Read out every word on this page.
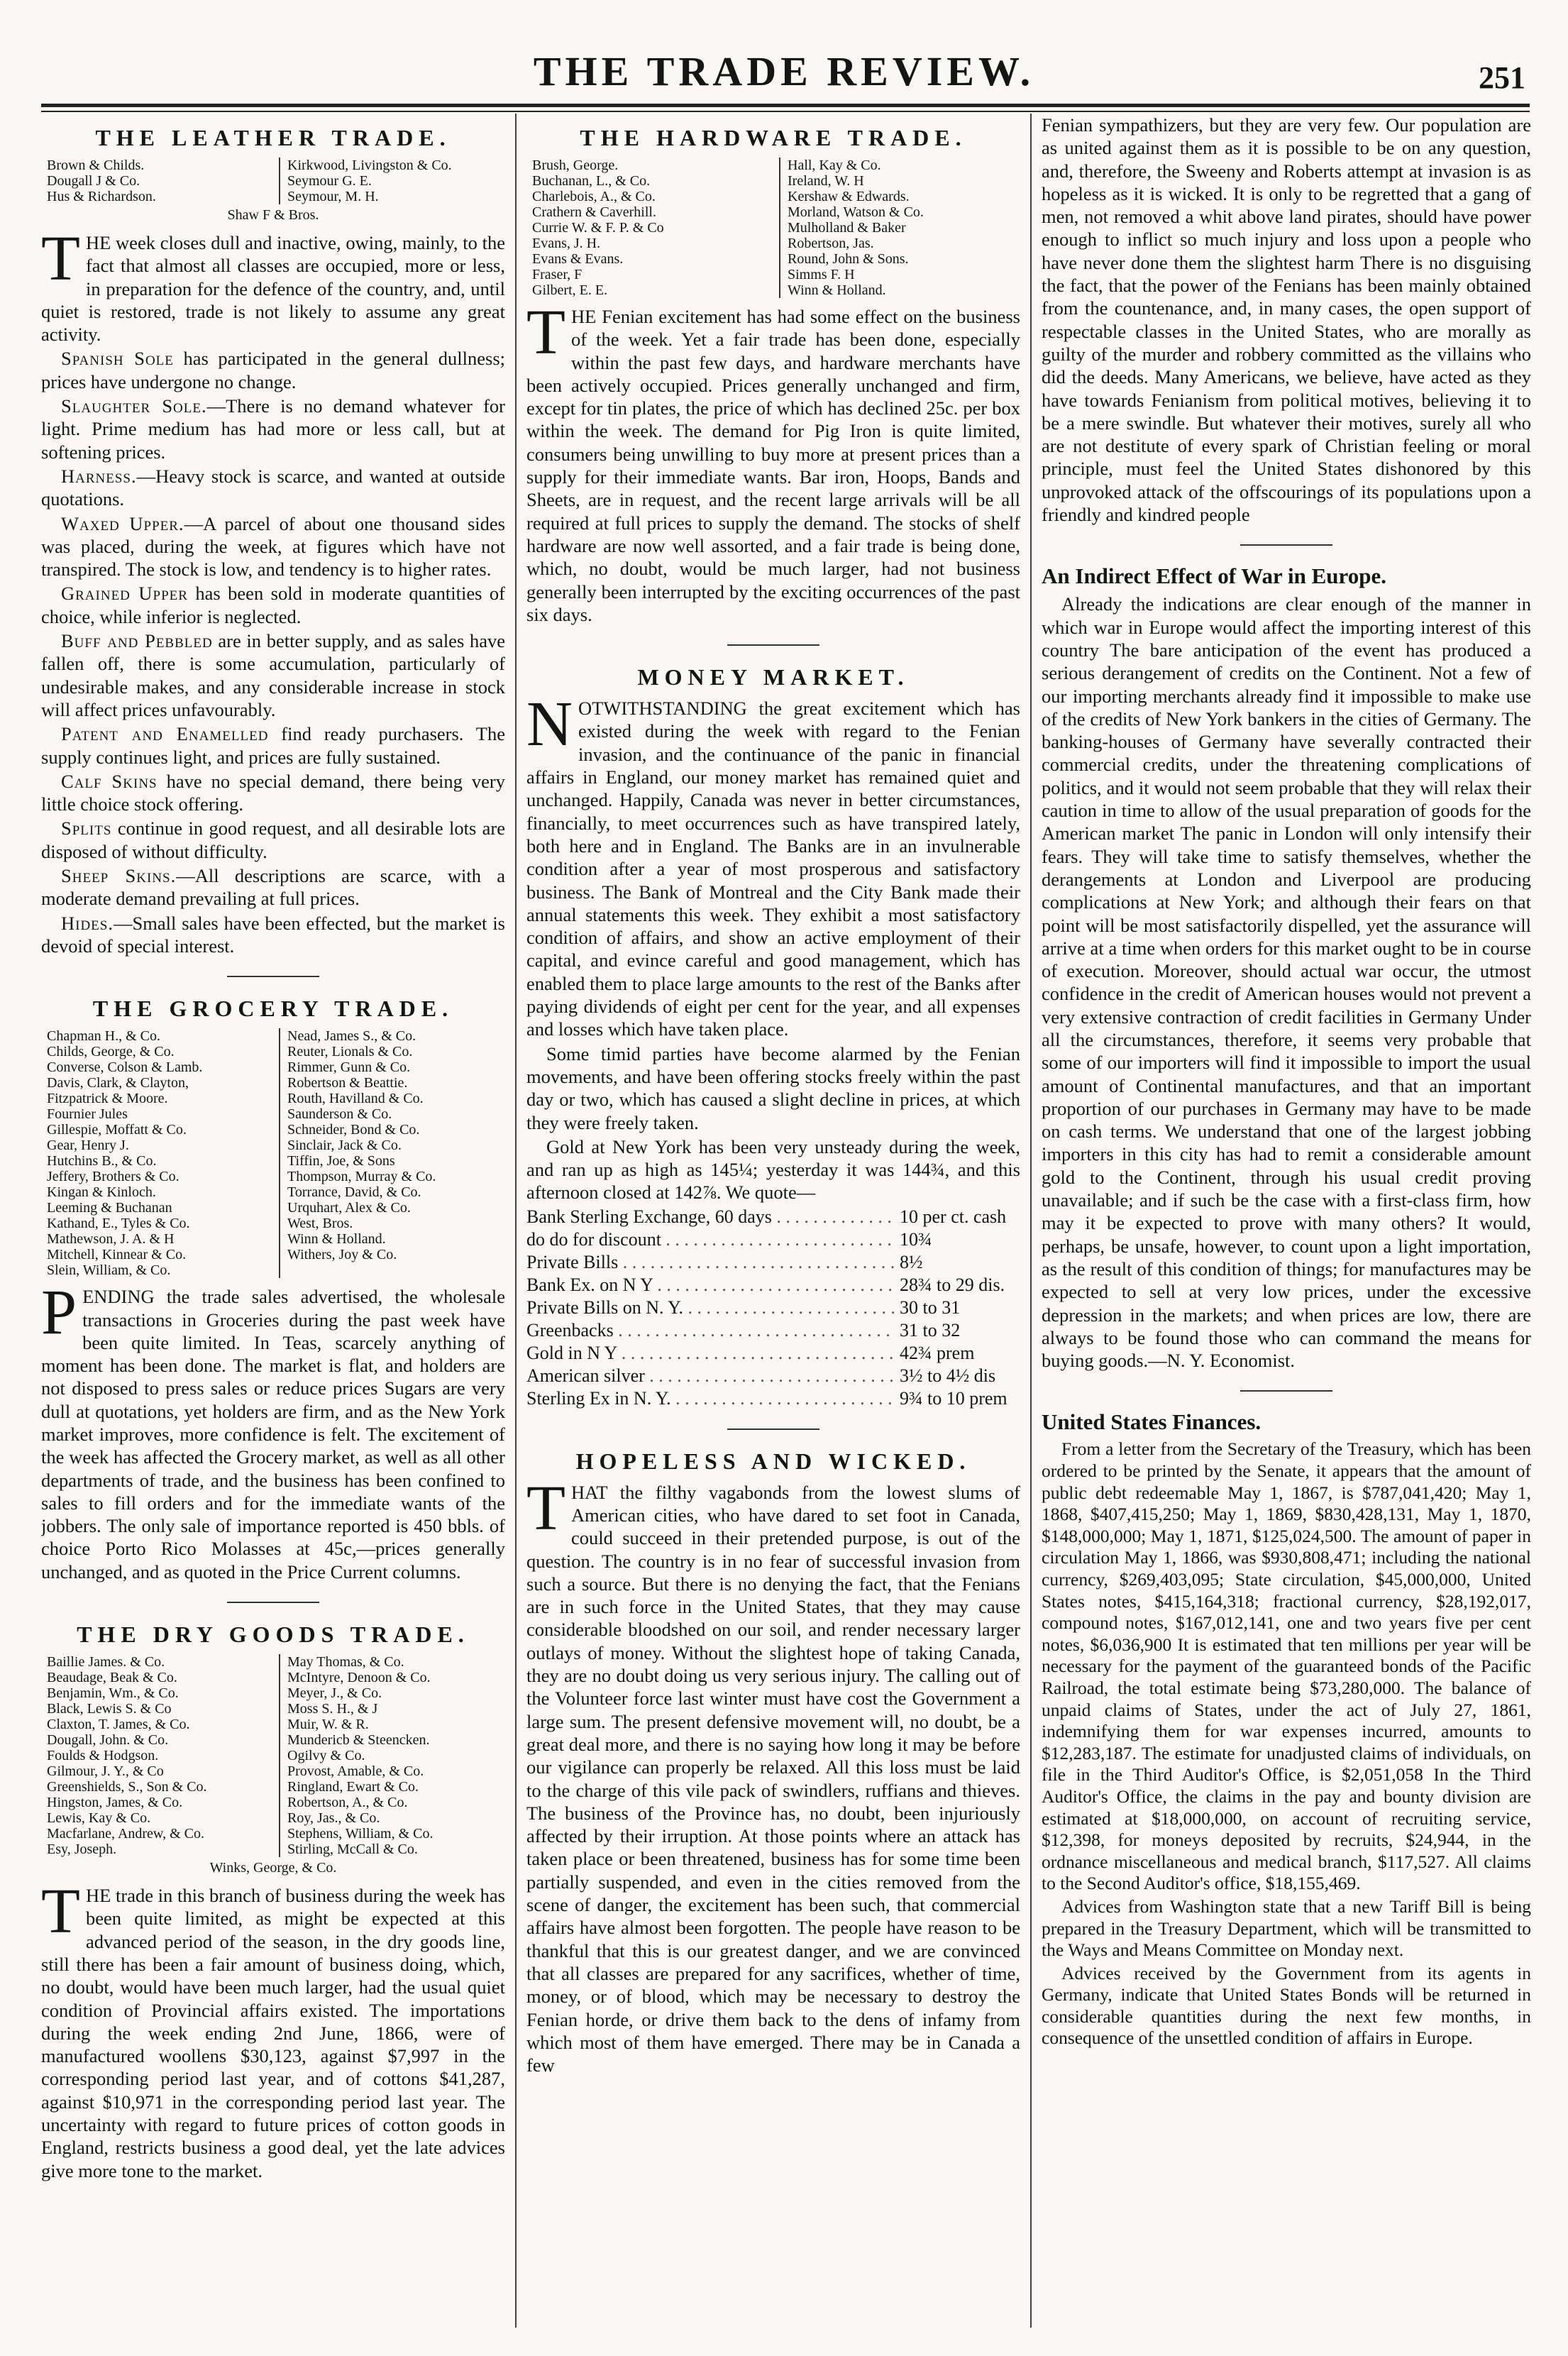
THE TRADE REVIEW.	251
THE LEATHER TRADE.
Brown & Childs.
Dougall J & Co.
Hus & Richardson.
Kirkwood, Livingston & Co.
Seymour G. E.
Seymour, M. H.
Shaw F & Bros.

THE week closes dull and inactive, owing, mainly, to the fact that almost all classes are occupied, more or less, in preparation for the defence of the country, and, until quiet is restored, trade is not likely to assume any great activity.

Spanish Sole has participated in the general dullness; prices have undergone no change.

Slaughter Sole.—There is no demand whatever for light. Prime medium has had more or less call, but at softening prices.

Harness.—Heavy stock is scarce, and wanted at outside quotations.

Waxed Upper.—A parcel of about one thousand sides was placed, during the week, at figures which have not transpired. The stock is low, and tendency is to higher rates.

Grained Upper has been sold in moderate quantities of choice, while inferior is neglected.

Buff and Pebbled are in better supply, and as sales have fallen off, there is some accumulation, particularly of undesirable makes, and any considerable increase in stock will affect prices unfavourably.

Patent and Enamelled find ready purchasers. The supply continues light, and prices are fully sustained.

Calf Skins have no special demand, there being very little choice stock offering.

Splits continue in good request, and all desirable lots are disposed of without difficulty.

Sheep Skins.—All descriptions are scarce, with a moderate demand prevailing at full prices.

Hides.—Small sales have been effected, but the market is devoid of special interest.

THE GR‌OCERY TRADE.
Chapman H., & Co.
Childs, George, & Co.
Converse, Colson & Lamb.
Davis, Clark, & Clayton,
Fitzpatrick & Moore.
Fournier Jules
Gillespie, Moffatt & Co.
Gear, Henry J.
Hutchins B., & Co.
Jeffery, Brothers & Co.
Kingan & Kinloch.
Leeming & Buchanan
Kathand, E., Tyles & Co.
Mathewson, J. A. & H
Mitchell, Kinnear & Co.
Slein, William, & Co.
Nead, James S., & Co.
Reuter, Lionals & Co.
Rimmer, Gunn & Co.
Robertson & Beattie.
Routh, Havilland & Co.
Saunderson & Co.
Schneider, Bond & Co.
Sinclair, Jack & Co.
Tiffin, Joe, & Sons
Thompson, Murray & Co.
Torrance, David, & Co.
Urquhart, Alex & Co.
West, Bros.
Winn & Holland.
Withers, Joy & Co.

PENDING the trade sales advertised, the wholesale transactions in Groceries during the past week have been quite limited. In Teas, scarcely anything of moment has been done. The market is flat, and holders are not disposed to press sales or reduce prices Sugars are very dull at quotations, yet holders are firm, and as the New York market improves, more confidence is felt. The excitement of the week has affected the Grocery market, as well as all other departments of trade, and the business has been confined to sales to fill orders and for the immediate wants of the jobbers. The only sale of importance reported is 450 bbls. of choice Porto Rico Molasses at 45c,—prices generally unchanged, and as quoted in the Price Current columns.

THE DRY GOODS TRADE.
Baillie James. & Co.
Beaudage, Beak & Co.
Benjamin, Wm., & Co.
Black, Lewis S. & Co
Claxton, T. James, & Co.
Dougall, John. & Co.
Foulds & Hodgson.
Gilmour, J. Y., & Co
Greenshields, S., Son & Co.
Hingston, James, & Co.
Lewis, Kay & Co.
Macfarlane, Andrew, & Co.
Esy, Joseph.
May Thomas, & Co.
McIntyre, Denoon & Co.
Meyer, J., & Co.
Moss S. H., & J
Muir, W. & R.
Mundericb & Steencken.
Ogilvy & Co.
Provost, Amable, & Co.
Ringland, Ewart & Co.
Robertson, A., & Co.
Roy, Jas., & Co.
Stephens, William, & Co.
Stirling, McCall & Co.
Winks, George, & Co.

THE trade in this branch of business during the week has been quite limited, as might be expected at this advanced period of the season, in the dry goods line, still there has been a fair amount of business doing, which, no doubt, would have been much larger, had the usual quiet condition of Provincial affairs existed. The importations during the week ending 2nd June, 1866, were of manufactured woollens $30,123, against $7,997 in the corresponding period last year, and of cottons $41,287, against $10,971 in the corresponding period last year. The uncertainty with regard to future prices of cotton goods in England, restricts business a good deal, yet the late advices give more tone to the market.

THE HARDWARE TRADE.
Brush, George.
Buchanan, L., & Co.
Charlebois, A., & Co.
Crathern & Caverhill.
Currie W. & F. P. & Co
Evans, J. H.
Evans & Evans.
Fraser, F
Gilbert, E. E.
Hall, Kay & Co.
Ireland, W. H
Kershaw & Edwards.
Morland, Watson & Co.
Mulholland & Baker
Robertson, Jas.
Round, John & Sons.
Simms F. H
Winn & Holland.

THE Fenian excitement has had some effect on the business of the week. Yet a fair trade has been done, especially within the past few days, and hardware merchants have been actively occupied. Prices generally unchanged and firm, except for tin plates, the price of which has declined 25c. per box within the week. The demand for Pig Iron is quite limited, consumers being unwilling to buy more at present prices than a supply for their immediate wants. Bar iron, Hoops, Bands and Sheets, are in request, and the recent large arrivals will be all required at full prices to supply the demand. The stocks of shelf hardware are now well assorted, and a fair trade is being done, which, no doubt, would be much larger, had not business generally been interrupted by the exciting occurrences of the past six days.

MONEY MARKET.

NOTWITHSTANDING the great excitement which has existed during the week with regard to the Fenian invasion, and the continuance of the panic in financial affairs in England, our money market has remained quiet and unchanged. Happily, Canada was never in better circumstances, financially, to meet occurrences such as have transpired lately, both here and in England. The Banks are in an invulnerable condition after a year of most prosperous and satisfactory business. The Bank of Montreal and the City Bank made their annual statements this week. They exhibit a most satisfactory condition of affairs, and show an active employment of their capital, and evince careful and good management, which has enabled them to place large amounts to the rest of the Banks after paying dividends of eight per cent for the year, and all expenses and losses which have taken place.

Some timid parties have become alarmed by the Fenian movements, and have been offering stocks freely within the past day or two, which has caused a slight decline in prices, at which they were freely taken.

Gold at New York has been very unsteady during the week, and ran up as high as 145¼; yesterday it was 144¾, and this afternoon closed at 142⅞. We quote—

Bank Sterling Exchange, 60 days . . .	10 per ct. cash
do do for discount . . .	10¾
Private Bills . . .	8½
Bank Ex. on N Y . . .	28¾ to 29 dis.
Private Bills on N. Y. . . .	30 to 31
Greenbacks . . .	31 to 32
Gold in N Y . . .	42¾ prem
American silver . . .	3½ to 4½ dis
Sterling Ex in N. Y. . . .	9¾ to 10 prem
HOPELESS AND WICKED.

THAT the filthy vagabonds from the lowest slums of American cities, who have dared to set foot in Canada, could succeed in their pretended purpose, is out of the question. The country is in no fear of successful invasion from such a source. But there is no denying the fact, that the Fenians are in such force in the United States, that they may cause considerable bloodshed on our soil, and render necessary larger outlays of money. Without the slightest hope of taking Canada, they are no doubt doing us very serious injury. The calling out of the Volunteer force last winter must have cost the Government a large sum. The present defensive movement will, no doubt, be a great deal more, and there is no saying how long it may be before our vigilance can properly be relaxed. All this loss must be laid to the charge of this vile pack of swindlers, ruffians and thieves. The business of the Province has, no doubt, been injuriously affected by their irruption. At those points where an attack has taken place or been threatened, business has for some time been partially suspended, and even in the cities removed from the scene of danger, the excitement has been such, that commercial affairs have almost been forgotten. The people have reason to be thankful that this is our greatest danger, and we are convinced that all classes are prepared for any sacrifices, whether of time, money, or of blood, which may be necessary to destroy the Fenian horde, or drive them back to the dens of infamy from which most of them have emerged. There may be in Canada a few

Fenian sympathizers, but they are very few. Our population are as united against them as it is possible to be on any question, and, therefore, the Sweeny and Roberts attempt at invasion is as hopeless as it is wicked. It is only to be regretted that a gang of men, not removed a whit above land pirates, should have power enough to inflict so much injury and loss upon a people who have never done them the slightest harm There is no disguising the fact, that the power of the Fenians has been mainly obtained from the countenance, and, in many cases, the open support of respectable classes in the United States, who are morally as guilty of the murder and robbery committed as the villains who did the deeds. Many Americans, we believe, have acted as they have towards Fenianism from political motives, believing it to be a mere swindle. But whatever their motives, surely all who are not destitute of every spark of Christian feeling or moral principle, must feel the United States dishonored by this unprovoked attack of the offscourings of its populations upon a friendly and kindred people

An Indirect Effect of War in Europe.

Already the indications are clear enough of the manner in which war in Europe would affect the importing interest of this country The bare anticipation of the event has produced a serious derangement of credits on the Continent. Not a few of our importing merchants already find it impossible to make use of the credits of New York bankers in the cities of Germany. The banking-houses of Germany have severally contracted their commercial credits, under the threatening complications of politics, and it would not seem probable that they will relax their caution in time to allow of the usual preparation of goods for the American market The panic in London will only intensify their fears. They will take time to satisfy themselves, whether the derangements at London and Liverpool are producing complications at New York; and although their fears on that point will be most satisfactorily dispelled, yet the assurance will arrive at a time when orders for this market ought to be in course of execution. Moreover, should actual war occur, the utmost confidence in the credit of American houses would not prevent a very extensive contraction of credit facilities in Germany Under all the circumstances, therefore, it seems very probable that some of our importers will find it impossible to import the usual amount of Continental manufactures, and that an important proportion of our purchases in Germany may have to be made on cash terms. We understand that one of the largest jobbing importers in this city has had to remit a considerable amount gold to the Continent, through his usual credit proving unavailable; and if such be the case with a first-class firm, how may it be expected to prove with many others? It would, perhaps, be unsafe, however, to count upon a light importation, as the result of this condition of things; for manufactures may be expected to sell at very low prices, under the excessive depression in the markets; and when prices are low, there are always to be found those who can command the means for buying goods.—N. Y. Economist.

United States Finances.

From a letter from the Secretary of the Treasury, which has been ordered to be printed by the Senate, it appears that the amount of public debt redeemable May 1, 1867, is $787,041,420; May 1, 1868, $407,415,250; May 1, 1869, $830,428,131, May 1, 1870, $148,000,000; May 1, 1871, $125,024,500. The amount of paper in circulation May 1, 1866, was $930,808,471; including the national currency, $269,403,095; State circulation, $45,000,000, United States notes, $415,164,318; fractional currency, $28,192,017, compound notes, $167,012,141, one and two years five per cent notes, $6,036,900 It is estimated that ten millions per year will be necessary for the payment of the guaranteed bonds of the Pacific Railroad, the total estimate being $73,280,000. The balance of unpaid claims of States, under the act of July 27, 1861, indemnifying them for war expenses incurred, amounts to $12,283,187. The estimate for unadjusted claims of individuals, on file in the Third Auditor's Office, is $2,051,058 In the Third Auditor's Office, the claims in the pay and bounty division are estimated at $18,000,000, on account of recruiting service, $12,398, for moneys deposited by recruits, $24,944, in the ordnance miscellaneous and medical branch, $117,527. All claims to the Second Auditor's office, $18,155,469.

Advices from Washington state that a new Tariff Bill is being prepared in the Treasury Department, which will be transmitted to the Ways and Means Committee on Monday next.

Advices received by the Government from its agents in Germany, indicate that United States Bonds will be returned in considerable quantities during the next few months, in consequence of the unsettled condition of affairs in Europe.
